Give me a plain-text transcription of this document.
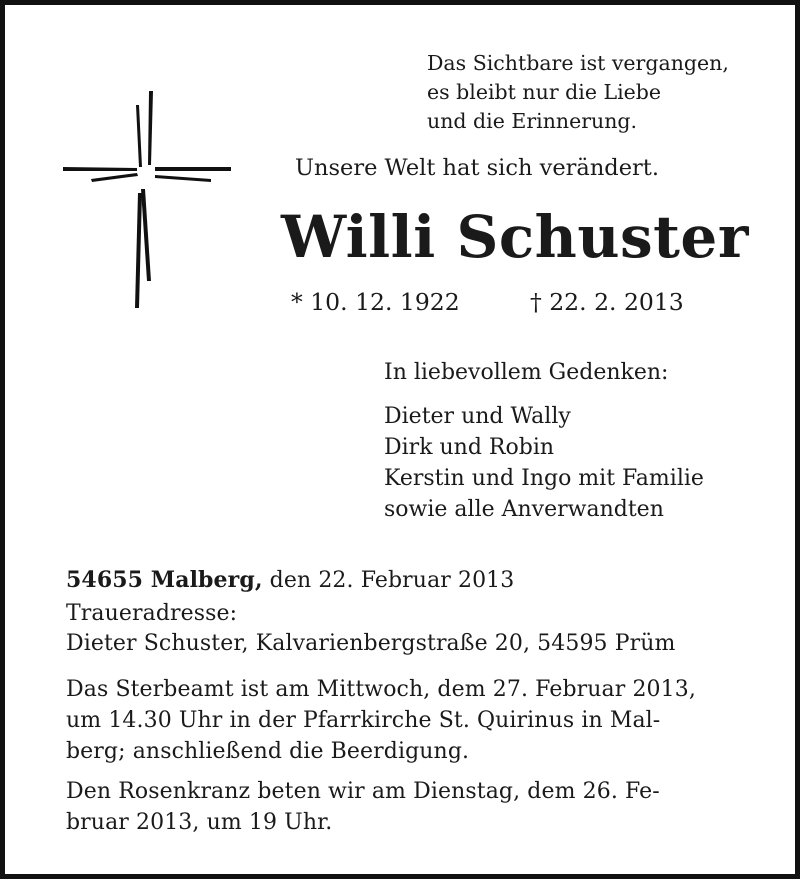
Das Sichtbare ist vergangen,
es bleibt nur die Liebe
und die Erinnerung.
Unsere Welt hat sich verändert.
Willi Schuster
* 10. 12. 1922	† 22. 2. 2013
In liebevollem Gedenken:
Dieter und Wally
Dirk und Robin
Kerstin und Ingo mit Familie
sowie alle Anverwandten
54655 Malberg, den 22. Februar 2013
Traueradresse:
Dieter Schuster, Kalvarienbergstraße 20, 54595 Prüm
Das Sterbeamt ist am Mittwoch, dem 27. Februar 2013,
um 14.30 Uhr in der Pfarrkirche St. Quirinus in Mal-
berg; anschließend die Beerdigung.
Den Rosenkranz beten wir am Dienstag, dem 26. Fe-
bruar 2013, um 19 Uhr.
